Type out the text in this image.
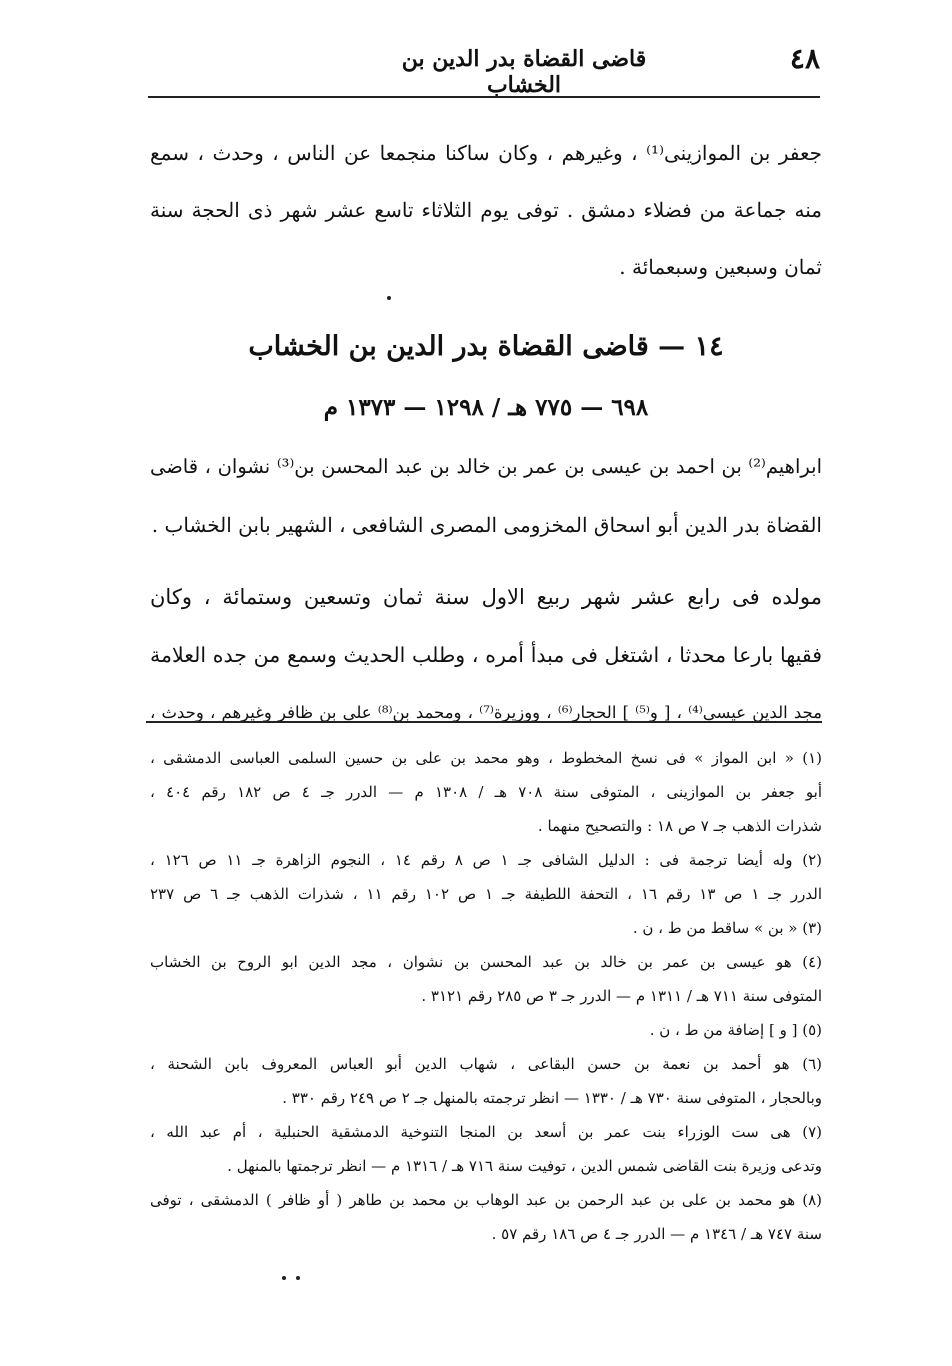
٤٨
قاضى القضاة بدر الدين بن الخشاب
جعفر بن الموازينى⁽¹⁾ ، وغيرهم ، وكان ساكنا منجمعا عن الناس ، وحدث ، سمع
منه جماعة من فضلاء دمشق . توفى يوم الثلاثاء تاسع عشر شهر ذى الحجة سنة
ثمان وسبعين وسبعمائة .
١٤ — قاضى القضاة بدر الدين بن الخشاب
٦٩٨ — ٧٧٥ هـ / ١٢٩٨ — ١٣٧٣ م
ابراهيم⁽²⁾ بن احمد بن عيسى بن عمر بن خالد بن عبد المحسن بن⁽³⁾ نشوان ، قاضى
القضاة بدر الدين أبو اسحاق المخزومى المصرى الشافعى ، الشهير بابن الخشاب .
مولده فى رابع عشر شهر ربيع الاول سنة ثمان وتسعين وستمائة ، وكان
فقيها بارعا محدثا ، اشتغل فى مبدأ أمره ، وطلب الحديث وسمع من جده العلامة
مجد الدين عيسى⁽⁴⁾ ، [ و⁽⁵⁾ ] الحجار⁽⁶⁾ ، ووزيرة⁽⁷⁾ ، ومحمد بن⁽⁸⁾ على بن ظافر وغيرهم ، وحدث ،
(١) « ابن المواز » فى نسخ المخطوط ، وهو محمد بن على بن حسين السلمى العباسى الدمشقى ،
أبو جعفر بن الموازينى ، المتوفى سنة ٧٠٨ هـ / ١٣٠٨ م — الدرر جـ ٤ ص ١٨٢ رقم ٤٠٤ ،
شذرات الذهب جـ ٧ ص ١٨ : والتصحيح منهما .
(٢) وله أيضا ترجمة فى : الدليل الشافى جـ ١ ص ٨ رقم ١٤ ، النجوم الزاهرة جـ ١١ ص ١٢٦ ،
الدرر جـ ١ ص ١٣ رقم ١٦ ، التحفة اللطيفة جـ ١ ص ١٠٢ رقم ١١ ، شذرات الذهب جـ ٦ ص ٢٣٧
(٣) « بن » ساقط من ط ، ن .
(٤) هو عيسى بن عمر بن خالد بن عبد المحسن بن نشوان ، مجد الدين ابو الروح بن الخشاب
المتوفى سنة ٧١١ هـ / ١٣١١ م — الدرر جـ ٣ ص ٢٨٥ رقم ٣١٢١ .
(٥) [ و ] إضافة من ط ، ن .
(٦) هو أحمد بن نعمة بن حسن البقاعى ، شهاب الدين أبو العباس المعروف بابن الشحنة ،
وبالحجار ، المتوفى سنة ٧٣٠ هـ / ١٣٣٠ — انظر ترجمته بالمنهل جـ ٢ ص ٢٤٩ رقم ٣٣٠ .
(٧) هى ست الوزراء بنت عمر بن أسعد بن المنجا التنوخية الدمشقية الحنبلية ، أم عبد الله ،
وتدعى وزيرة بنت القاضى شمس الدين ، توفيت سنة ٧١٦ هـ / ١٣١٦ م — انظر ترجمتها بالمنهل .
(٨) هو محمد بن على بن عبد الرحمن بن عبد الوهاب بن محمد بن طاهر ( أو ظافر ) الدمشقى ، توفى
سنة ٧٤٧ هـ / ١٣٤٦ م — الدرر جـ ٤ ص ١٨٦ رقم ٥٧ .
